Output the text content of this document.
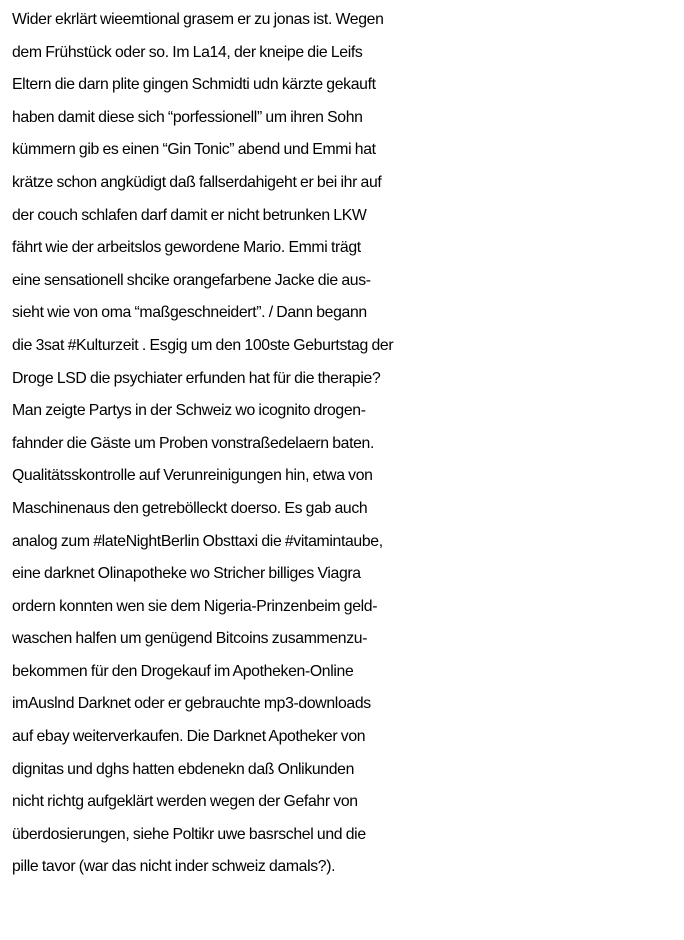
Wider ekrlärt wieemtional grasem er zu jonas ist. Wegen
dem Frühstück oder so. Im La14, der kneipe die Leifs
Eltern die darn plite gingen Schmidti udn kärzte gekauft
haben damit diese sich “porfessionell” um ihren Sohn
kümmern gib es einen “Gin Tonic” abend und Emmi hat
krätze schon angküdigt daß fallserdahigeht er bei ihr auf
der couch schlafen darf damit er nicht betrunken LKW
fährt wie der arbeitslos gewordene Mario. Emmi trägt
eine sensationell shcike orangefarbene Jacke die aus-
sieht wie von oma “maßgeschneidert”. / Dann begann
die 3sat #Kulturzeit . Esgig um den 100ste Geburtstag der
Droge LSD die psychiater erfunden hat für die therapie?
Man zeigte Partys in der Schweiz wo icognito drogen-
fahnder die Gäste um Proben vonstraßedelaern baten.
Qualitätsskontrolle auf Verunreinigungen hin, etwa von
Maschinenaus den getrebölleckt doerso. Es gab auch
analog zum #lateNightBerlin Obsttaxi die #vitamintaube,
eine darknet Olinapotheke wo Stricher billiges Viagra
ordern konnten wen sie dem Nigeria-Prinzenbeim geld-
waschen halfen um genügend Bitcoins zusammenzu-
bekommen für den Drogekauf im Apotheken-Online
imAuslnd Darknet oder er gebrauchte mp3-downloads
auf ebay weiterverkaufen. Die Darknet Apotheker von
dignitas und dghs hatten ebdenekn daß Onlikunden
nicht richtg aufgeklärt werden wegen der Gefahr von
überdosierungen, siehe Poltikr uwe basrschel und die
pille tavor (war das nicht inder schweiz damals?).
